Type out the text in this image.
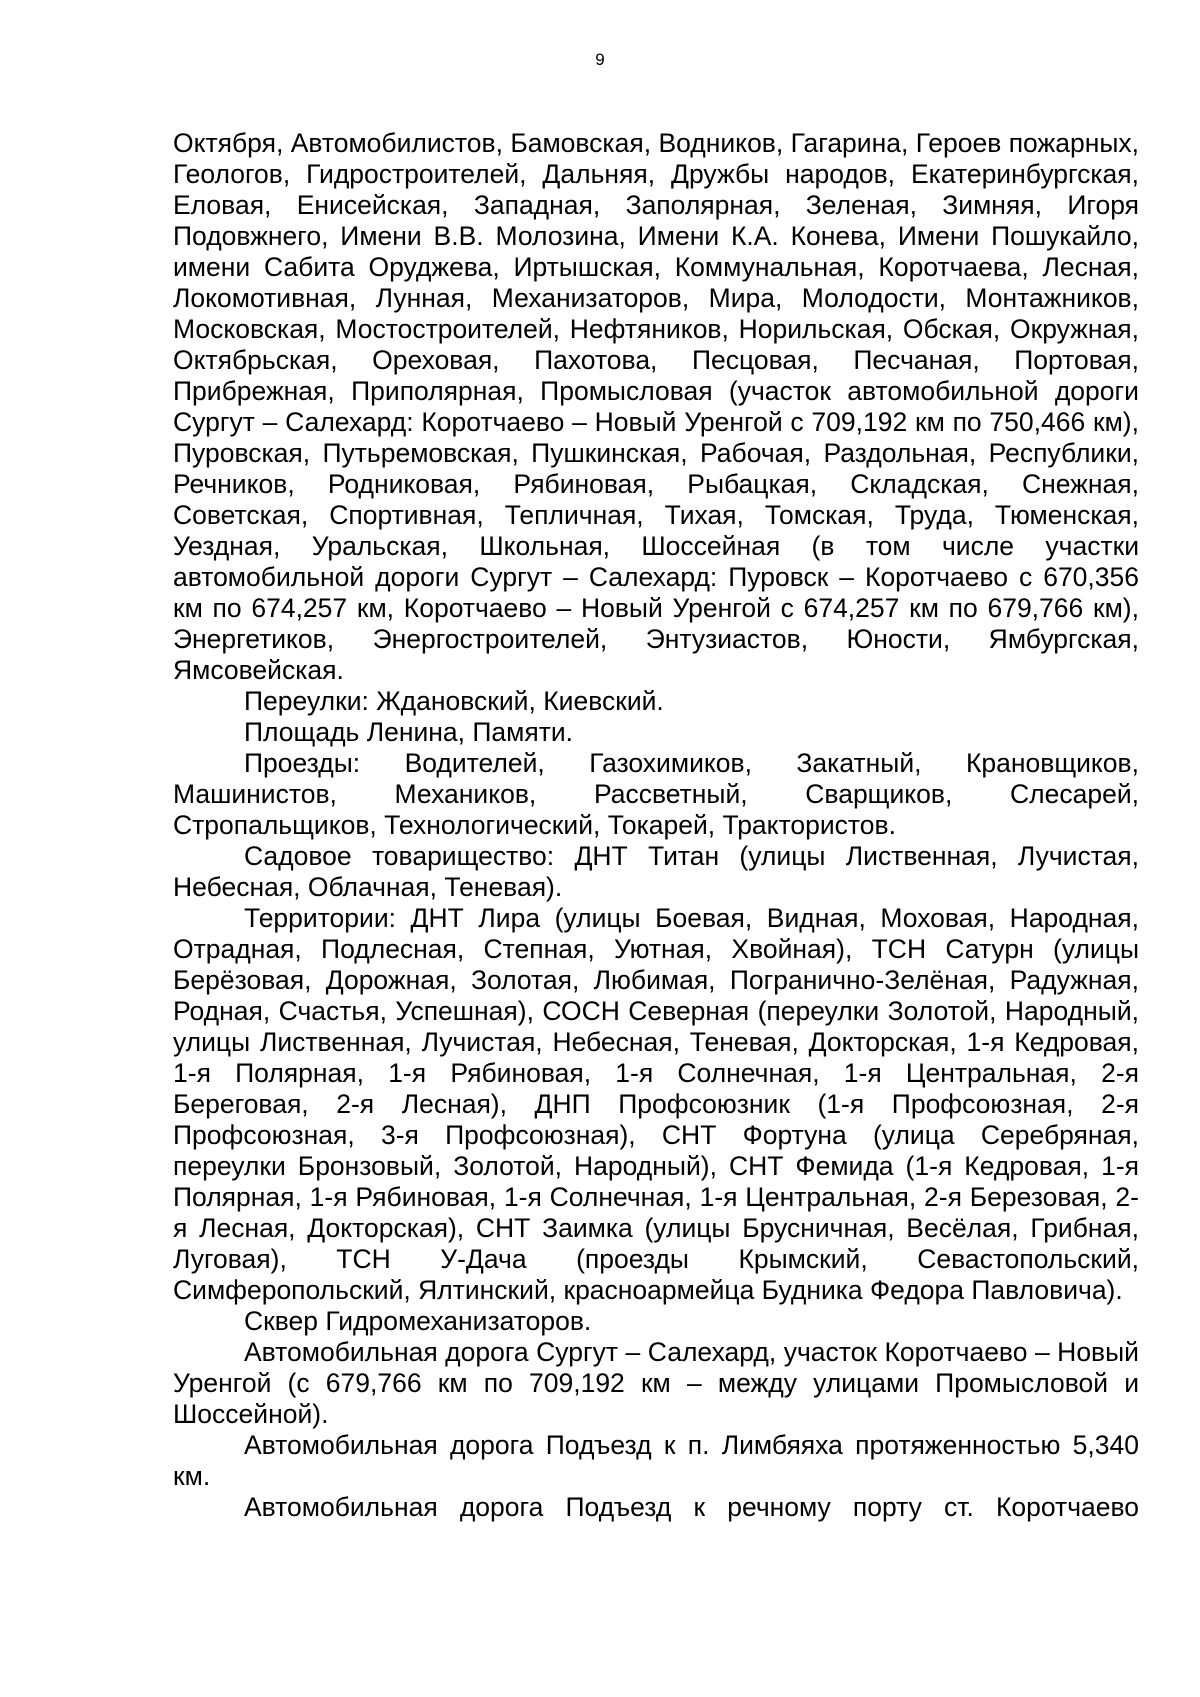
9

Октября, Автомобилистов, Бамовская, Водников, Гагарина, Героев пожарных, Геологов, Гидростроителей, Дальняя, Дружбы народов, Екатеринбургская, Еловая, Енисейская, Западная, Заполярная, Зеленая, Зимняя, Игоря Подовжнего, Имени В.В. Молозина, Имени К.А. Конева, Имени Пошукайло, имени Сабита Оруджева, Иртышская, Коммунальная, Коротчаева, Лесная, Локомотивная, Лунная, Механизаторов, Мира, Молодости, Монтажников, Московская, Мостостроителей, Нефтяников, Норильская, Обская, Окружная, Октябрьская, Ореховая, Пахотова, Песцовая, Песчаная, Портовая, Прибрежная, Приполярная, Промысловая (участок автомобильной дороги Сургут – Салехард: Коротчаево – Новый Уренгой с 709,192 км по 750,466 км), Пуровская, Путьремовская, Пушкинская, Рабочая, Раздольная, Республики, Речников, Родниковая, Рябиновая, Рыбацкая, Складская, Снежная, Советская, Спортивная, Тепличная, Тихая, Томская, Труда, Тюменская, Уездная, Уральская, Школьная, Шоссейная (в том числе участки автомобильной дороги Сургут – Салехард: Пуровск – Коротчаево с 670,356 км по 674,257 км, Коротчаево – Новый Уренгой с 674,257 км по 679,766 км), Энергетиков, Энергостроителей, Энтузиастов, Юности, Ямбургская, Ямсовейская.

Переулки: Ждановский, Киевский.

Площадь Ленина, Памяти.

Проезды: Водителей, Газохимиков, Закатный, Крановщиков, Машинистов, Механиков, Рассветный, Сварщиков, Слесарей, Стропальщиков, Технологический, Токарей, Трактористов.

Садовое товарищество: ДНТ Титан (улицы Лиственная, Лучистая, Небесная, Облачная, Теневая).

Территории: ДНТ Лира (улицы Боевая, Видная, Моховая, Народная, Отрадная, Подлесная, Степная, Уютная, Хвойная), ТСН Сатурн (улицы Берёзовая, Дорожная, Золотая, Любимая, Погранично-Зелёная, Радужная, Родная, Счастья, Успешная), СОСН Северная (переулки Золотой, Народный, улицы Лиственная, Лучистая, Небесная, Теневая, Докторская, 1-я Кедровая, 1-я Полярная, 1-я Рябиновая, 1-я Солнечная, 1-я Центральная, 2-я Береговая, 2-я Лесная), ДНП Профсоюзник (1-я Профсоюзная, 2-я Профсоюзная, 3-я Профсоюзная), СНТ Фортуна (улица Серебряная, переулки Бронзовый, Золотой, Народный), СНТ Фемида (1-я Кедровая, 1-я Полярная, 1-я Рябиновая, 1-я Солнечная, 1-я Центральная, 2-я Березовая, 2-я Лесная, Докторская), СНТ Заимка (улицы Брусничная, Весёлая, Грибная, Луговая), ТСН У-Дача (проезды Крымский, Севастопольский, Симферопольский, Ялтинский, красноармейца Будника Федора Павловича).

Сквер Гидромеханизаторов.

Автомобильная дорога Сургут – Салехард, участок Коротчаево – Новый Уренгой (с 679,766 км по 709,192 км – между улицами Промысловой и Шоссейной).

Автомобильная дорога Подъезд к п. Лимбяяха протяженностью 5,340 км.

Автомобильная дорога Подъезд к речному порту ст. Коротчаево
